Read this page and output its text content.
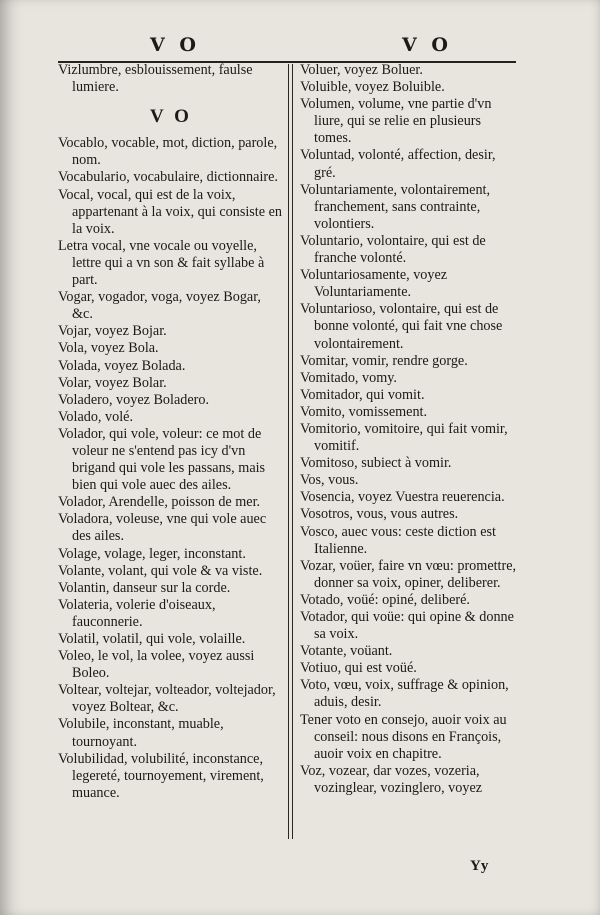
V O	V O

Vizlumbre, esblouissement, faulse lumiere.

V O

Vocablo, vocable, mot, diction, parole, nom.

Vocabulario, vocabulaire, dictionnaire.

Vocal, vocal, qui est de la voix, appartenant à la voix, qui consiste en la voix.

Letra vocal, vne vocale ou voyelle, lettre qui a vn son & fait syllabe à part.

Vogar, vogador, voga, voyez Bogar, &c.

Vojar, voyez Bojar.

Vola, voyez Bola.

Volada, voyez Bolada.

Volar, voyez Bolar.

Voladero, voyez Boladero.

Volado, volé.

Volador, qui vole, voleur: ce mot de voleur ne s'entend pas icy d'vn brigand qui vole les passans, mais bien qui vole auec des ailes.

Volador, Arendelle, poisson de mer.

Voladora, voleuse, vne qui vole auec des ailes.

Volage, volage, leger, inconstant.

Volante, volant, qui vole & va viste.

Volantin, danseur sur la corde.

Volateria, volerie d'oiseaux, fauconnerie.

Volatil, volatil, qui vole, volaille.

Voleo, le vol, la volee, voyez aussi Boleo.

Voltear, voltejar, volteador, voltejador, voyez Boltear, &c.

Volubile, inconstant, muable, tournoyant.

Volubilidad, volubilité, inconstance, legereté, tournoyement, virement, muance.

Voluer, voyez Boluer.

Voluible, voyez Boluible.

Volumen, volume, vne partie d'vn liure, qui se relie en plusieurs tomes.

Voluntad, volonté, affection, desir, gré.

Voluntariamente, volontairement, franchement, sans contrainte, volontiers.

Voluntario, volontaire, qui est de franche volonté.

Voluntariosamente, voyez Voluntariamente.

Voluntarioso, volontaire, qui est de bonne volonté, qui fait vne chose volontairement.

Vomitar, vomir, rendre gorge.

Vomitado, vomy.

Vomitador, qui vomit.

Vomito, vomissement.

Vomitorio, vomitoire, qui fait vomir, vomitif.

Vomitoso, subiect à vomir.

Vos, vous.

Vosencia, voyez Vuestra reuerencia.

Vosotros, vous, vous autres.

Vosco, auec vous: ceste diction est Italienne.

Vozar, voüer, faire vn vœu: promettre, donner sa voix, opiner, deliberer.

Votado, voüé: opiné, deliberé.

Votador, qui voüe: qui opine & donne sa voix.

Votante, voüant.

Votiuo, qui est voüé.

Voto, vœu, voix, suffrage & opinion, aduis, desir.

Tener voto en consejo, auoir voix au conseil: nous disons en François, auoir voix en chapitre.

Voz, vozear, dar vozes, vozeria, vozinglear, vozinglero, voyez

Yy
